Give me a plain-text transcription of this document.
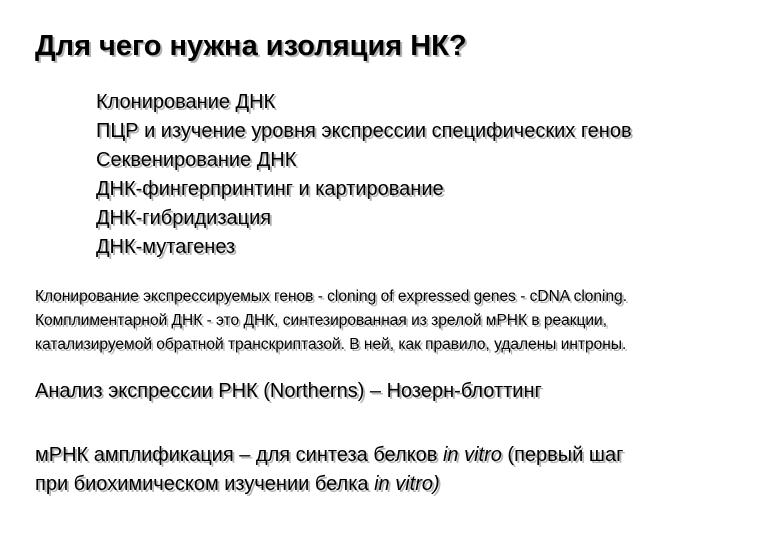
Для чего нужна изоляция НК?
Клонирование ДНК
ПЦР и изучение уровня экспрессии специфических генов
Секвенирование ДНК
ДНК-фингерпринтинг и картирование
ДНК-гибридизация
ДНК-мутагенез
Клонирование экспрессируемых генов - cloning of expressed genes - cDNA cloning.
Комплиментарной ДНК - это ДНК, синтезированная из зрелой мРНК в реакции,
катализируемой обратной транскриптазой. В ней, как правило, удалены интроны.

Анализ экспрессии РНК (Northerns) – Нозерн-блоттинг

мРНК амплификация – для синтеза белков in vitro (первый шаг
при биохимическом изучении белка in vitro)
